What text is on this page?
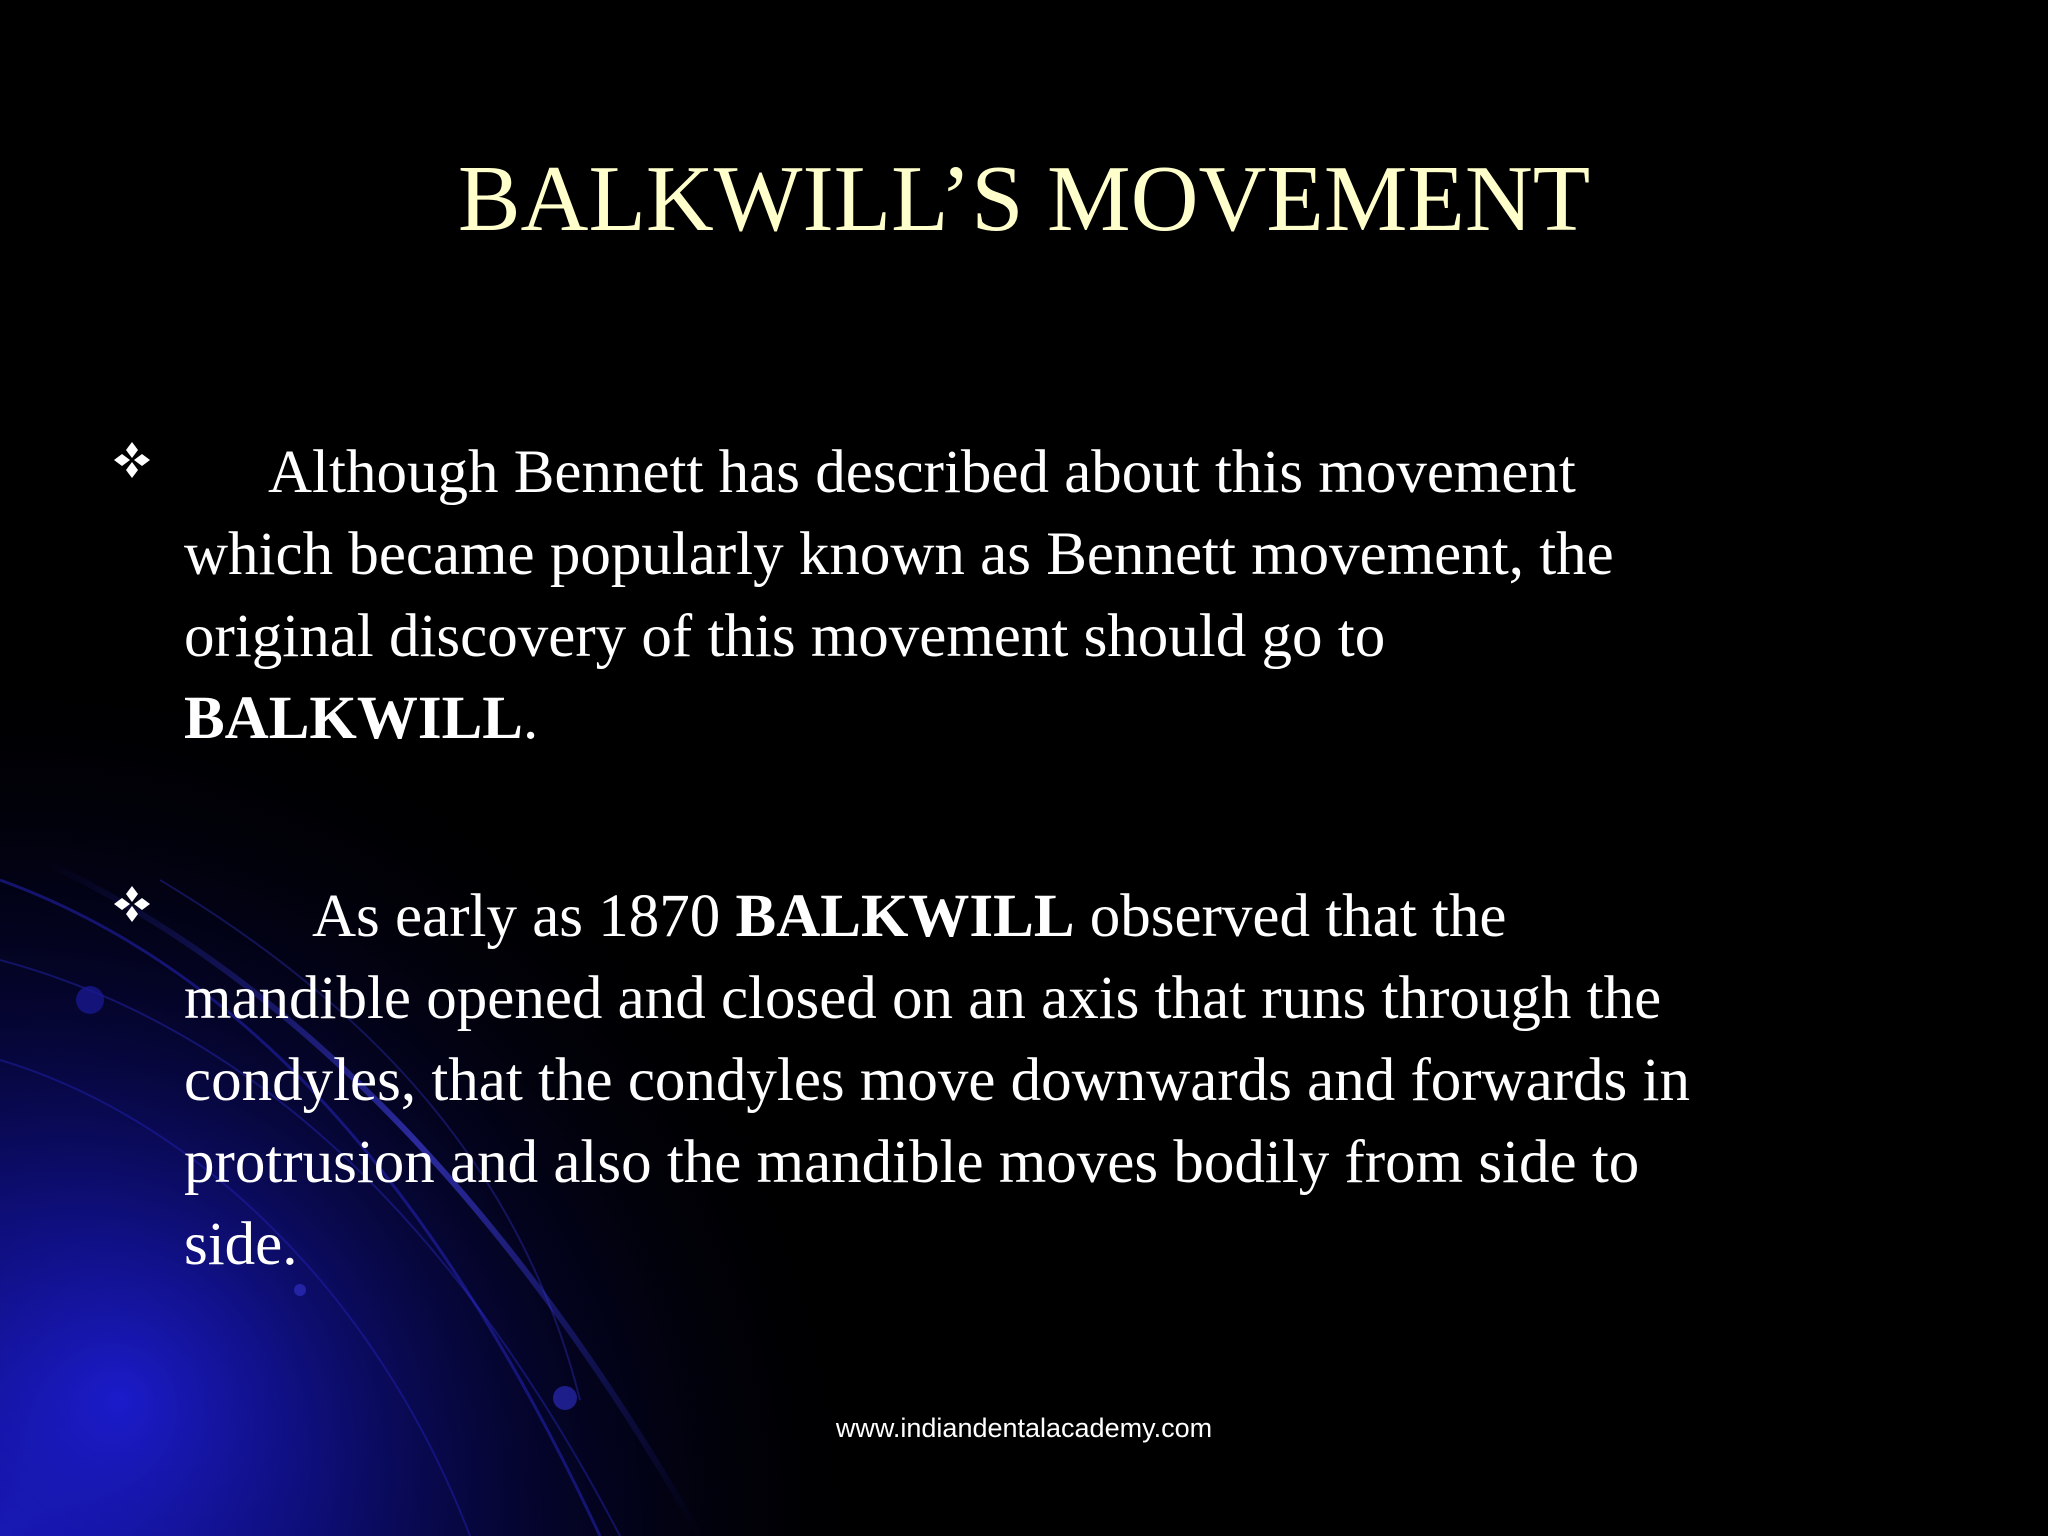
BALKWILL’S MOVEMENT
Although Bennett has described about this movement
which became popularly known as Bennett movement, the
original discovery of this movement should go to
BALKWILL.
As early as 1870 BALKWILL observed that the
mandible opened and closed on an axis that runs through the
condyles, that the condyles move downwards and forwards in
protrusion and also the mandible moves bodily from side to
side.
www.indiandentalacademy.com
